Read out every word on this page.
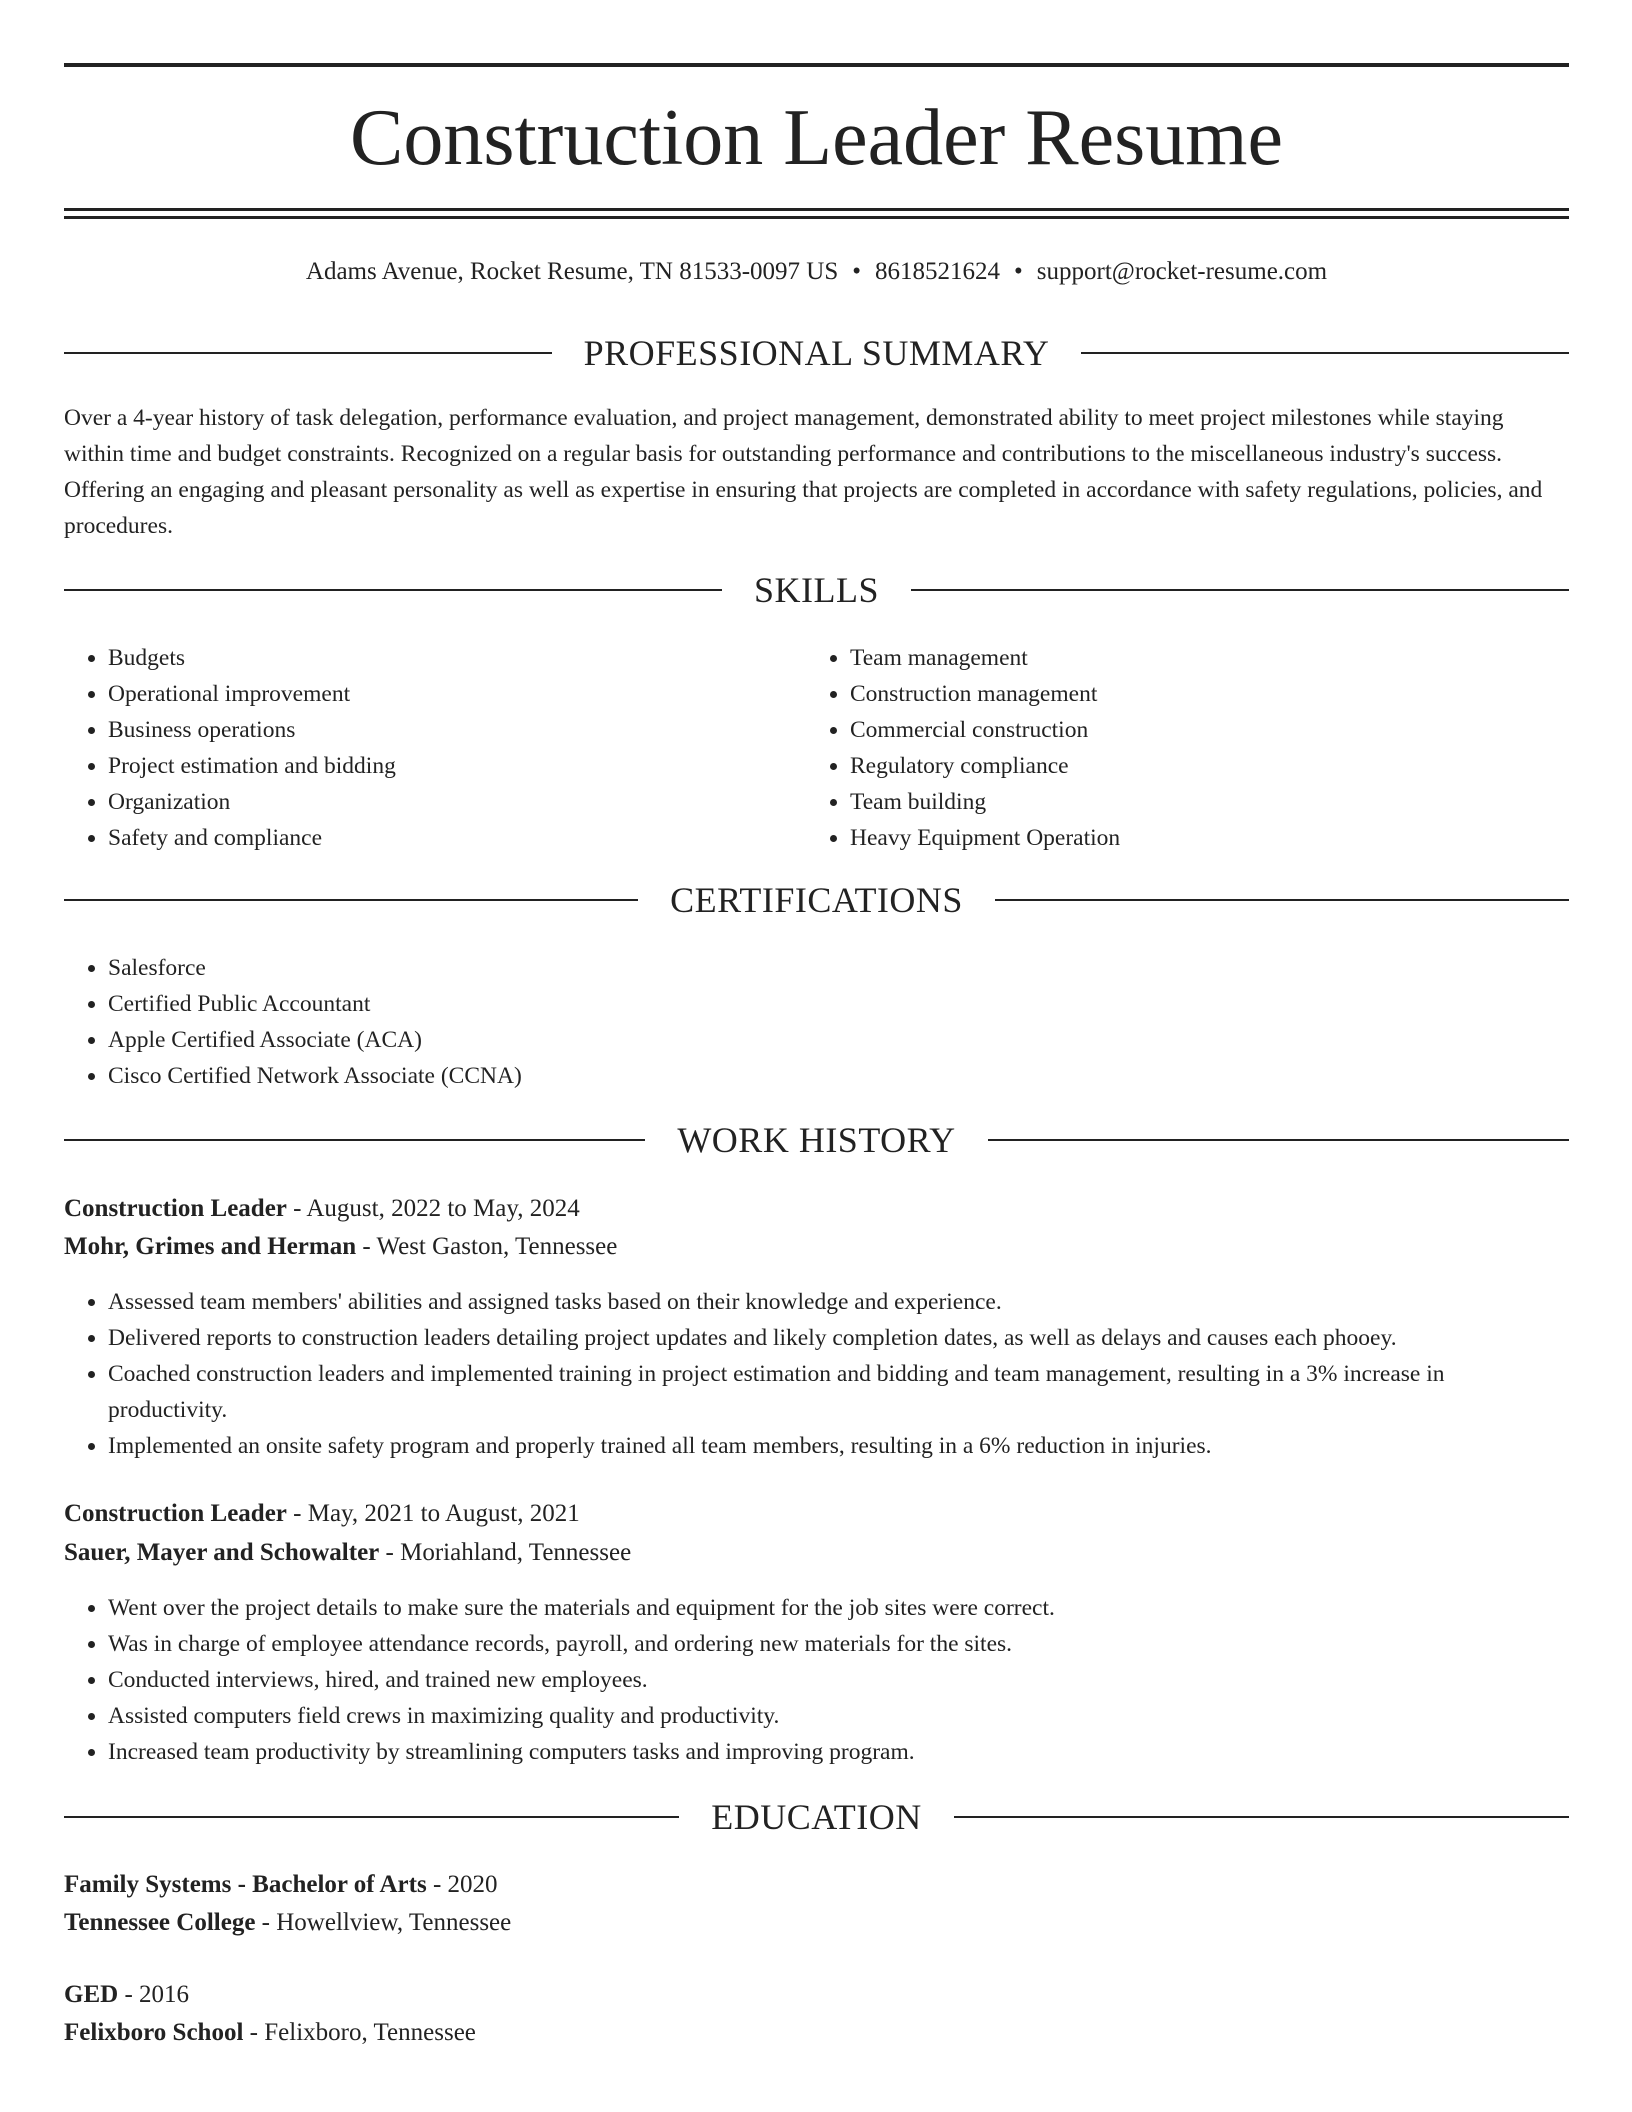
Construction Leader Resume
Adams Avenue, Rocket Resume, TN 81533-0097 US • 8618521624 • support@rocket-resume.com
PROFESSIONAL SUMMARY

Over a 4-year history of task delegation, performance evaluation, and project management, demonstrated ability to meet project milestones while staying within time and budget constraints. Recognized on a regular basis for outstanding performance and contributions to the miscellaneous industry's success. Offering an engaging and pleasant personality as well as expertise in ensuring that projects are completed in accordance with safety regulations, policies, and procedures.

SKILLS
• Budgets
• Operational improvement
• Business operations
• Project estimation and bidding
• Organization
• Safety and compliance
• Team management
• Construction management
• Commercial construction
• Regulatory compliance
• Team building
• Heavy Equipment Operation
CERTIFICATIONS
• Salesforce
• Certified Public Accountant
• Apple Certified Associate (ACA)
• Cisco Certified Network Associate (CCNA)
WORK HISTORY
Construction Leader - August, 2022 to May, 2024
Mohr, Grimes and Herman - West Gaston, Tennessee
• Assessed team members' abilities and assigned tasks based on their knowledge and experience.
• Delivered reports to construction leaders detailing project updates and likely completion dates, as well as delays and causes each phooey.
• Coached construction leaders and implemented training in project estimation and bidding and team management, resulting in a 3% increase in productivity.
• Implemented an onsite safety program and properly trained all team members, resulting in a 6% reduction in injuries.
Construction Leader - May, 2021 to August, 2021
Sauer, Mayer and Schowalter - Moriahland, Tennessee
• Went over the project details to make sure the materials and equipment for the job sites were correct.
• Was in charge of employee attendance records, payroll, and ordering new materials for the sites.
• Conducted interviews, hired, and trained new employees.
• Assisted computers field crews in maximizing quality and productivity.
• Increased team productivity by streamlining computers tasks and improving program.
EDUCATION
Family Systems - Bachelor of Arts - 2020
Tennessee College - Howellview, Tennessee
GED - 2016
Felixboro School - Felixboro, Tennessee
